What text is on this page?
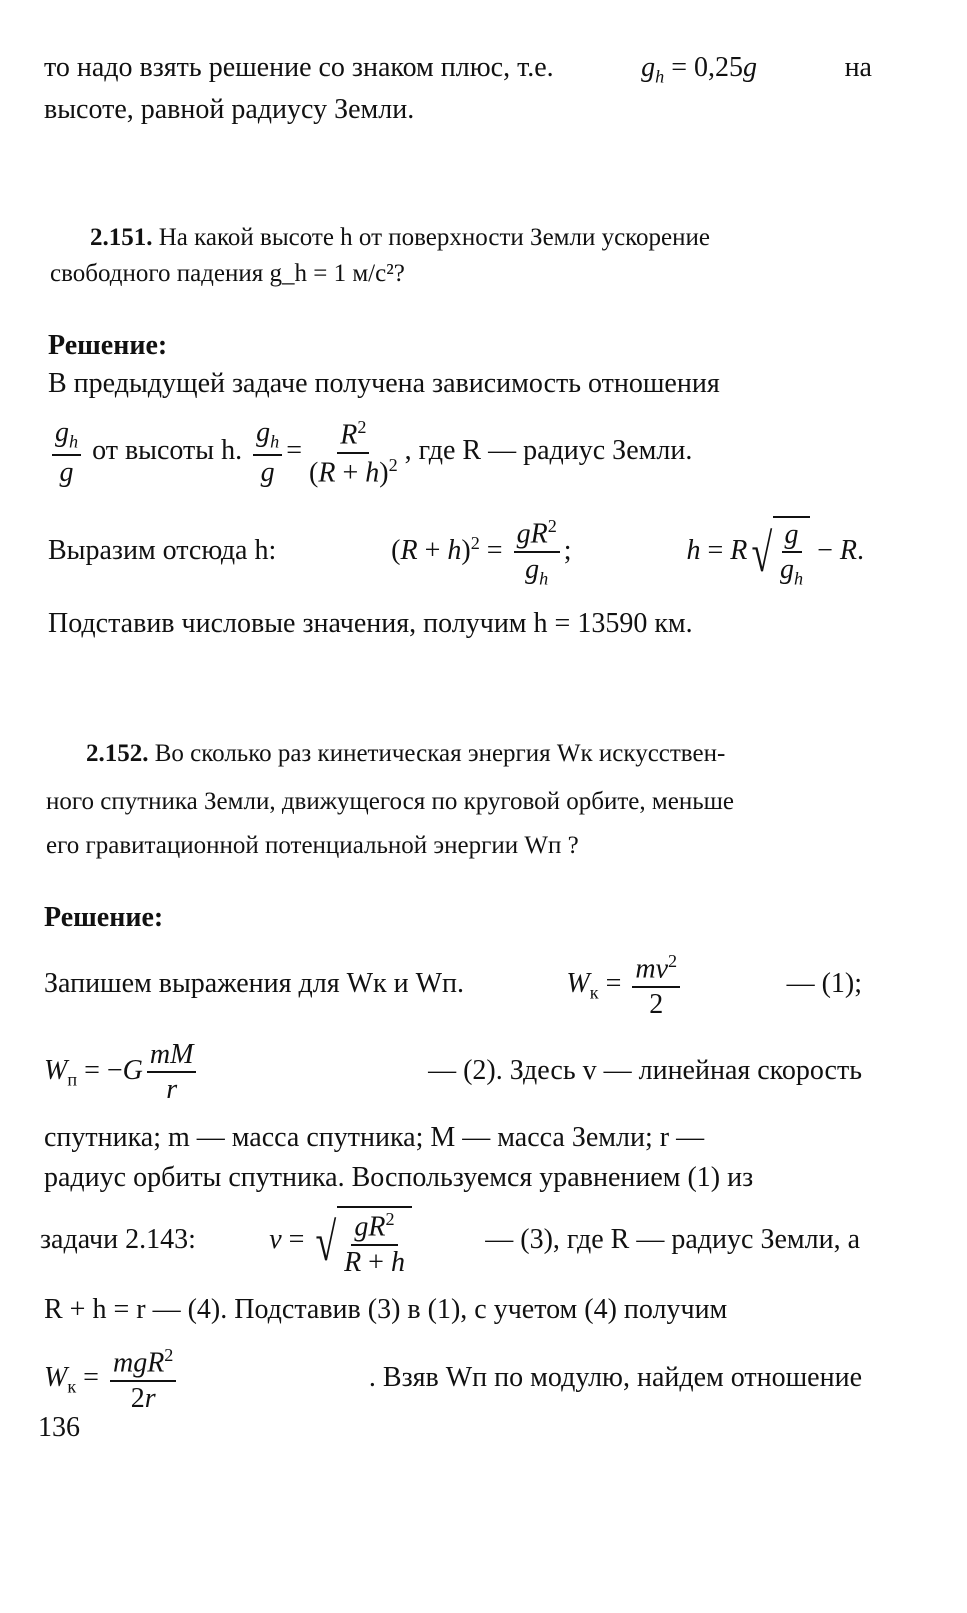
то надо взять решение со знаком плюс, т.е.	$g_h = 0,25g$	на
высоте, равной радиусу Земли.
2.151. На какой высоте h от поверхности Земли ускорение
свободного падения g_h = 1 м/с²?
Решение:
В предыдущей задаче получена зависимость отношения
$\frac{g_h}{g}$ от высоты h. $\frac{g_h}{g} = \frac{R^2}{(R + h)^2}$ , где R — радиус Земли.
Выразим отсюда h:	$(R + h)^2 = \frac{gR^2}{g_h}$ ;	h = R √ $\frac{g}{g_h} - R$.
Подставив числовые значения, получим h = 13590 км.
2.152. Во сколько раз кинетическая энергия Wк искусствен-
ного спутника Земли, движущегося по круговой орбите, меньше
его гравитационной потенциальной энергии Wп ?
Решение:
Запишем выражения для Wк и Wп.	$W_к = \frac{mv^2}{2}$	— (1);
$W_п = -G \frac{mM}{r}$	— (2). Здесь v — линейная скорость
спутника; m — масса спутника; M — масса Земли; r —
радиус орбиты спутника. Воспользуемся уравнением (1) из
задачи 2.143:	v = √ $\frac{gR^2}{R + h}$	— (3), где R — радиус Земли, а
R + h = r — (4). Подставив (3) в (1), с учетом (4) получим
$W_к = \frac{mgR^2}{2r}$	. Взяв Wп по модулю, найдем отношение
136
